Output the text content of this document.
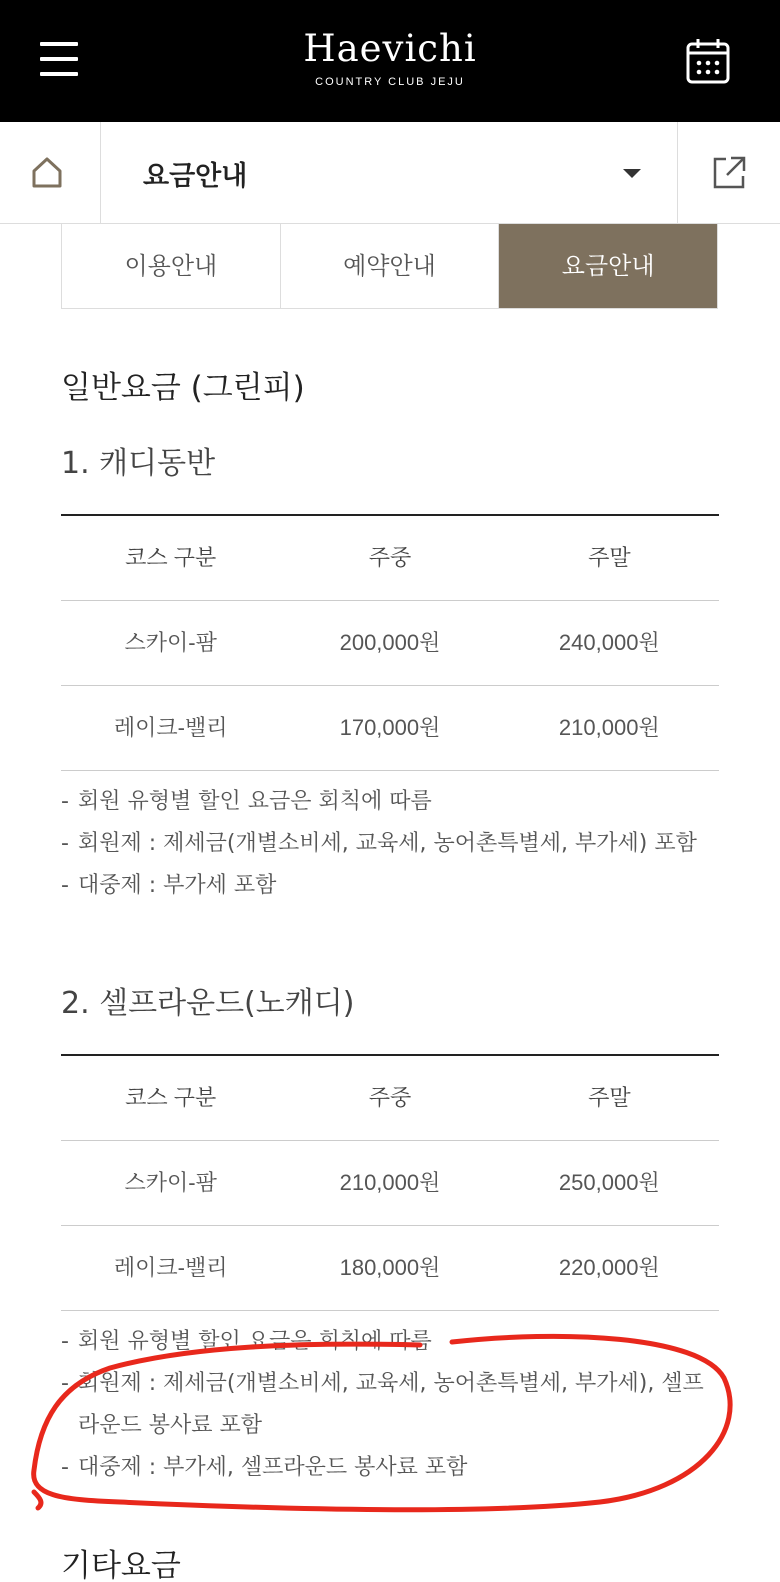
Haevichi
COUNTRY CLUB JEJU
요금안내
이용안내	예약안내	요금안내
일반요금 (그린피)
1. 캐디동반
코스 구분	주중	주말
스카이-팜	200,000원	240,000원
레이크-밸리	170,000원	210,000원
- 회원 유형별 할인 요금은 회칙에 따름
- 회원제 : 제세금(개별소비세, 교육세, 농어촌특별세, 부가세) 포함
- 대중제 : 부가세 포함
2. 셀프라운드(노캐디)
코스 구분	주중	주말
스카이-팜	210,000원	250,000원
레이크-밸리	180,000원	220,000원
- 회원 유형별 할인 요금은 회칙에 따름
- 회원제 : 제세금(개별소비세, 교육세, 농어촌특별세, 부가세), 셀프라운드 봉사료 포함
- 대중제 : 부가세, 셀프라운드 봉사료 포함
기타요금
